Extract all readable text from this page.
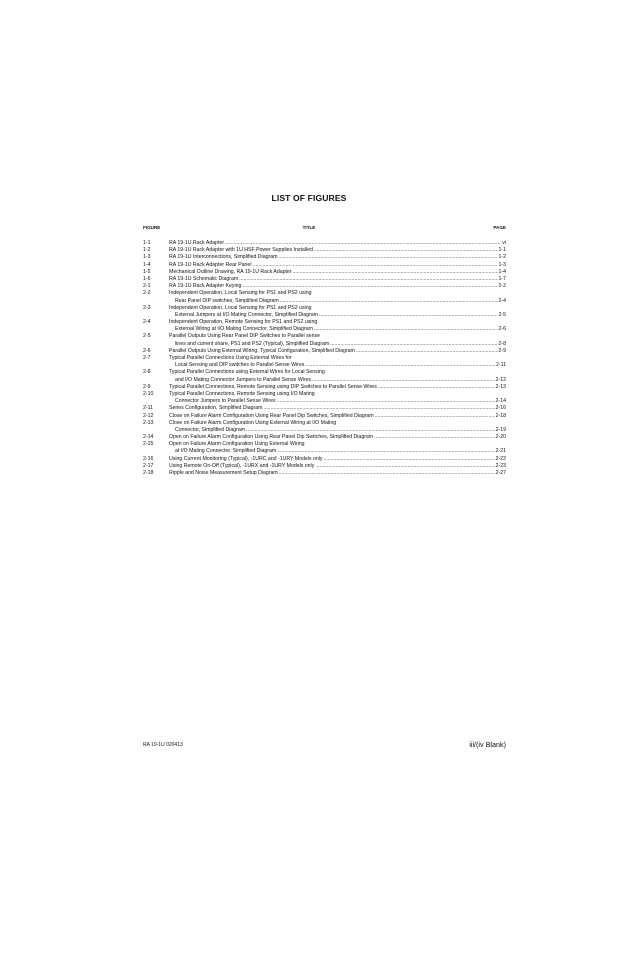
LIST OF FIGURES
FIGURE	TITLE	PAGE
1-1	RA 19-1U Rack Adapter .....	vi
1-2	RA 19-1U Rack Adapter with 1U HSF Power Supplies Installed .....	1-1
1-3	RA 19-1U Interconnections, Simplified Diagram .....	1-2
1-4	RA 19-1U Rack Adapter Rear Panel .....	1-3
1-5	Mechanical Outline Drawing, RA 19-1U Rack Adapter .....	1-4
1-6	RA 19-1U Schematic Diagram .....	1-7
2-1	RA 19-1U Rack Adapter Keying .....	2-2
2-2	Independent Operation, Local Sensing for PS1 and PS2 using
Rear Panel DIP switches, Simplified Diagram .....	2-4
2-3	Independent Operation, Local Sensing for PS1 and PS2 using
External Jumpers at I/O Mating Connector, Simplified Diagram .....	2-5
2-4	Independent Operation, Remote Sensing for PS1 and PS2 using
External Wiring at I/O Mating Connector, Simplified Diagram .....	2-6
2-5	Parallel Outputs Using Rear Panel DIP Switches to Parallel sense
lines and current share, PS1 and PS2 (Typical), Simplified Diagram .....	2-8
2-6	Parallel Outputs Using External Wiring, Typical Configuration, Simplified Diagram .....	2-9
2-7	Typical Parallel Connections Using External Wires for
Local Sensing and DIP switches to Parallel Sense Wires .....	2-11
2-8	Typical Parallel Connections using External Wires for Local Sensing
and I/O Mating Connector Jumpers to Parallel Sense Wires .....	2-12
2-9	Typical Parallel Connections, Remote Sensing using DIP Switches to Parallel Sense Wires .....	2-13
2-10	Typical Parallel Connections, Remote Sensing using I/O Mating
Connector Jumpers to Parallel Sense Wires .....	2-14
2-11	Series Configuration, Simplified Diagram .....	2-16
2-12	Close on Failure Alarm Configuration Using Rear Panel Dip Switches, Simplified Diagram .....	2-18
2-13	Close on Failure Alarm Configuration Using External Wiring at I/O Mating
Connector, Simplified Diagram .....	2-19
2-14	Open on Failure Alarm Configuration Using Rear Panel Dip Switches, Simplified Diagram .....	2-20
2-15	Open on Failure Alarm Configuration Using External Wiring
at I/O Mating Connector, Simplified Diagram .....	2-21
2-16	Using Current Monitoring (Typical), -1URC and -1URY Models only .....	2-22
2-17	Using Remote On-Off (Typical), -1URX and -1URY Models only .....	2-23
2-18	Ripple and Noise Measurement Setup Diagram .....	2-27
RA 19-1U 020413	iii/(iv Blank)
